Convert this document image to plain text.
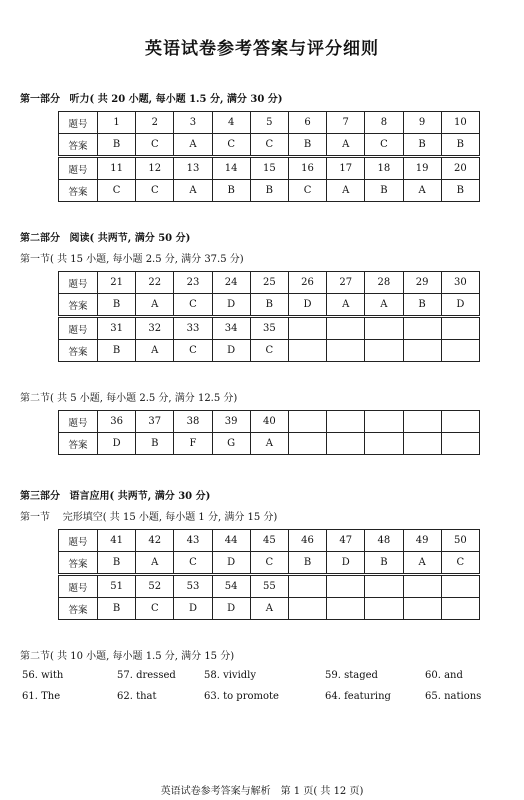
英语试卷参考答案与评分细则
第一部分 听力( 共 20 小题, 每小题 1.5 分, 满分 30 分)
题号	1	2	3	4	5	6	7	8	9	10
答案	B	C	A	C	C	B	A	C	B	B

题号	11	12	13	14	15	16	17	18	19	20
答案	C	C	A	B	B	C	A	B	A	B
第二部分 阅读( 共两节, 满分 50 分)
第一节( 共 15 小题, 每小题 2.5 分, 满分 37.5 分)
题号	21	22	23	24	25	26	27	28	29	30
答案	B	A	C	D	B	D	A	A	B	D

题号	31	32	33	34	35					
答案	B	A	C	D	C					
第二节( 共 5 小题, 每小题 2.5 分, 满分 12.5 分)
题号	36	37	38	39	40					
答案	D	B	F	G	A					
第三部分 语言应用( 共两节, 满分 30 分)
第一节 完形填空( 共 15 小题, 每小题 1 分, 满分 15 分)
题号	41	42	43	44	45	46	47	48	49	50
答案	B	A	C	D	C	B	D	B	A	C

题号	51	52	53	54	55					
答案	B	C	D	D	A					
第二节( 共 10 小题, 每小题 1.5 分, 满分 15 分)
56. with	57. dressed	58. vividly	59. staged	60. and
61. The	62. that	63. to promote	64. featuring	65. nations
英语试卷参考答案与解析　第 1 页( 共 12 页)
